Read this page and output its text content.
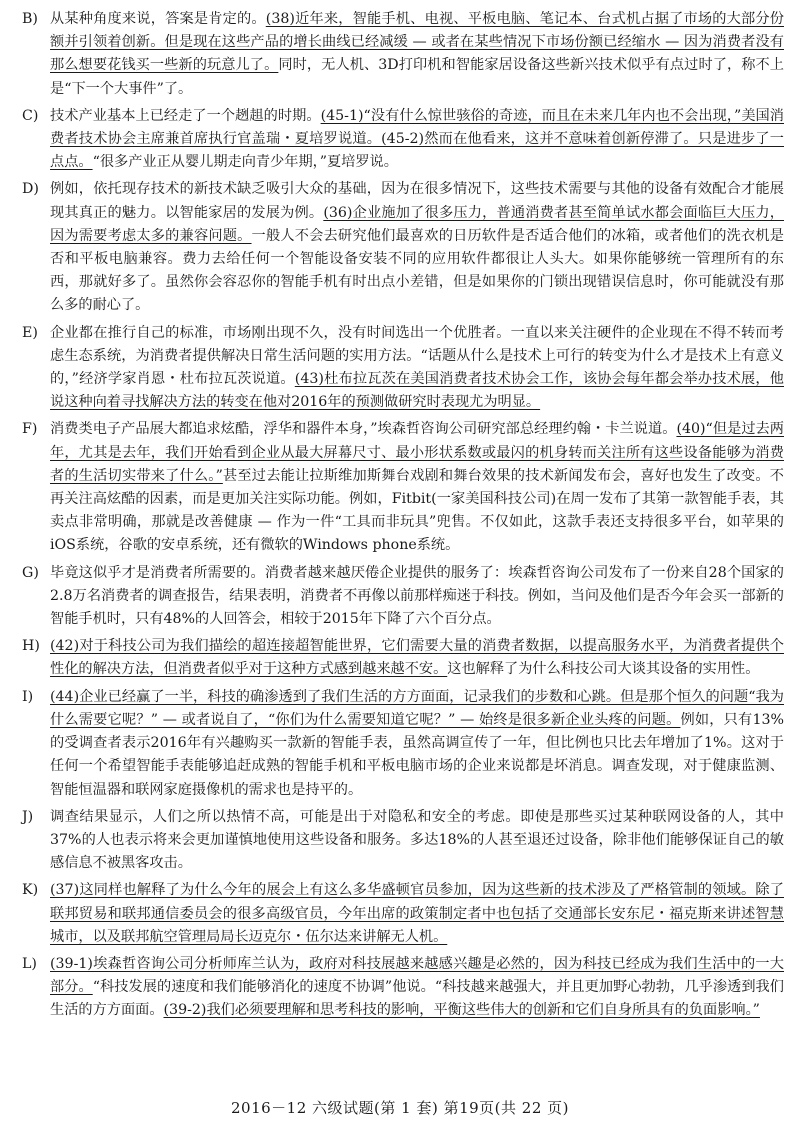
B) 从某种角度来说，答案是肯定的。(38)近年来，智能手机、电视、平板电脑、笔记本、台式机占据了市场的大部分份额并引领着创新。但是现在这些产品的增长曲线已经减缓 — 或者在某些情况下市场份额已经缩水 — 因为消费者没有那么想要花钱买一些新的玩意儿了。同时，无人机、3D打印机和智能家居设备这些新兴技术似乎有点过时了，称不上是“下一个大事件”了。
C) 技术产业基本上已经走了一个趔趄的时期。(45-1)“没有什么惊世骇俗的奇迹，而且在未来几年内也不会出现，”美国消费者技术协会主席兼首席执行官盖瑞・夏培罗说道。(45-2)然而在他看来，这并不意味着创新停滞了。只是进步了一点点。“很多产业正从婴儿期走向青少年期，”夏培罗说。
D) 例如，依托现存技术的新技术缺乏吸引大众的基础，因为在很多情况下，这些技术需要与其他的设备有效配合才能展现其真正的魅力。以智能家居的发展为例。(36)企业施加了很多压力，普通消费者甚至简单试水都会面临巨大压力，因为需要考虑太多的兼容问题。一般人不会去研究他们最喜欢的日历软件是否适合他们的冰箱，或者他们的洗衣机是否和平板电脑兼容。费力去给任何一个智能设备安装不同的应用软件都很让人头大。如果你能够统一管理所有的东西，那就好多了。虽然你会容忍你的智能手机有时出点小差错，但是如果你的门锁出现错误信息时，你可能就没有那么多的耐心了。
E) 企业都在推行自己的标准，市场刚出现不久，没有时间选出一个优胜者。一直以来关注硬件的企业现在不得不转而考虑生态系统，为消费者提供解决日常生活问题的实用方法。“话题从什么是技术上可行的转变为什么才是技术上有意义的，”经济学家肖恩・杜布拉瓦茨说道。(43)杜布拉瓦茨在美国消费者技术协会工作，该协会每年都会举办技术展，他说这种向着寻找解决方法的转变在他对2016年的预测做研究时表现尤为明显。
F) 消费类电子产品展大都追求炫酷，浮华和器件本身，”埃森哲咨询公司研究部总经理约翰・卡兰说道。(40)“但是过去两年，尤其是去年，我们开始看到企业从最大屏幕尺寸、最小形状系数或最闪的机身转而关注所有这些设备能够为消费者的生活切实带来了什么。”甚至过去能让拉斯维加斯舞台戏剧和舞台效果的技术新闻发布会，喜好也发生了改变。不再关注高炫酷的因素，而是更加关注实际功能。例如，Fitbit(一家美国科技公司)在周一发布了其第一款智能手表，其卖点非常明确，那就是改善健康 — 作为一件“工具而非玩具”兜售。不仅如此，这款手表还支持很多平台，如苹果的iOS系统，谷歌的安卓系统，还有微软的Windows phone系统。
G) 毕竟这似乎才是消费者所需要的。消费者越来越厌倦企业提供的服务了：埃森哲咨询公司发布了一份来自28个国家的2.8万名消费者的调查报告，结果表明，消费者不再像以前那样痴迷于科技。例如，当问及他们是否今年会买一部新的智能手机时，只有48%的人回答会，相较于2015年下降了六个百分点。
H) (42)对于科技公司为我们描绘的超连接超智能世界，它们需要大量的消费者数据，以提高服务水平，为消费者提供个性化的解决方法，但消费者似乎对于这种方式感到越来越不安。这也解释了为什么科技公司大谈其设备的实用性。
I)	(44)企业已经赢了一半，科技的确渗透到了我们生活的方方面面，记录我们的步数和心跳。但是那个恒久的问题“我为什么需要它呢？” — 或者说自了，“你们为什么需要知道它呢？” — 始终是很多新企业头疼的问题。例如，只有13%的受调查者表示2016年有兴趣购买一款新的智能手表，虽然高调宣传了一年，但比例也只比去年增加了1%。这对于任何一个希望智能手表能够追赶成熟的智能手机和平板电脑市场的企业来说都是坏消息。调查发现，对于健康监测、智能恒温器和联网家庭摄像机的需求也是持平的。
J)	调查结果显示，人们之所以热情不高，可能是出于对隐私和安全的考虑。即使是那些买过某种联网设备的人，其中37%的人也表示将来会更加谨慎地使用这些设备和服务。多达18%的人甚至退还过设备，除非他们能够保证自己的敏感信息不被黑客攻击。
K) (37)这同样也解释了为什么今年的展会上有这么多华盛顿官员参加，因为这些新的技术涉及了严格管制的领域。除了联邦贸易和联邦通信委员会的很多高级官员，今年出席的政策制定者中也包括了交通部长安东尼・福克斯来讲述智慧城市，以及联邦航空管理局局长迈克尔・伍尔达来讲解无人机。
L) (39-1)埃森哲咨询公司分析师库兰认为，政府对科技展越来越感兴趣是必然的，因为科技已经成为我们生活中的一大部分。“科技发展的速度和我们能够消化的速度不协调”他说。“科技越来越强大，并且更加野心勃勃，几乎渗透到我们生活的方方面面。(39-2)我们必须要理解和思考科技的影响，平衡这些伟大的创新和它们自身所具有的负面影响。”
2016－12 六级试题(第 1 套) 第19页(共 22 页)
